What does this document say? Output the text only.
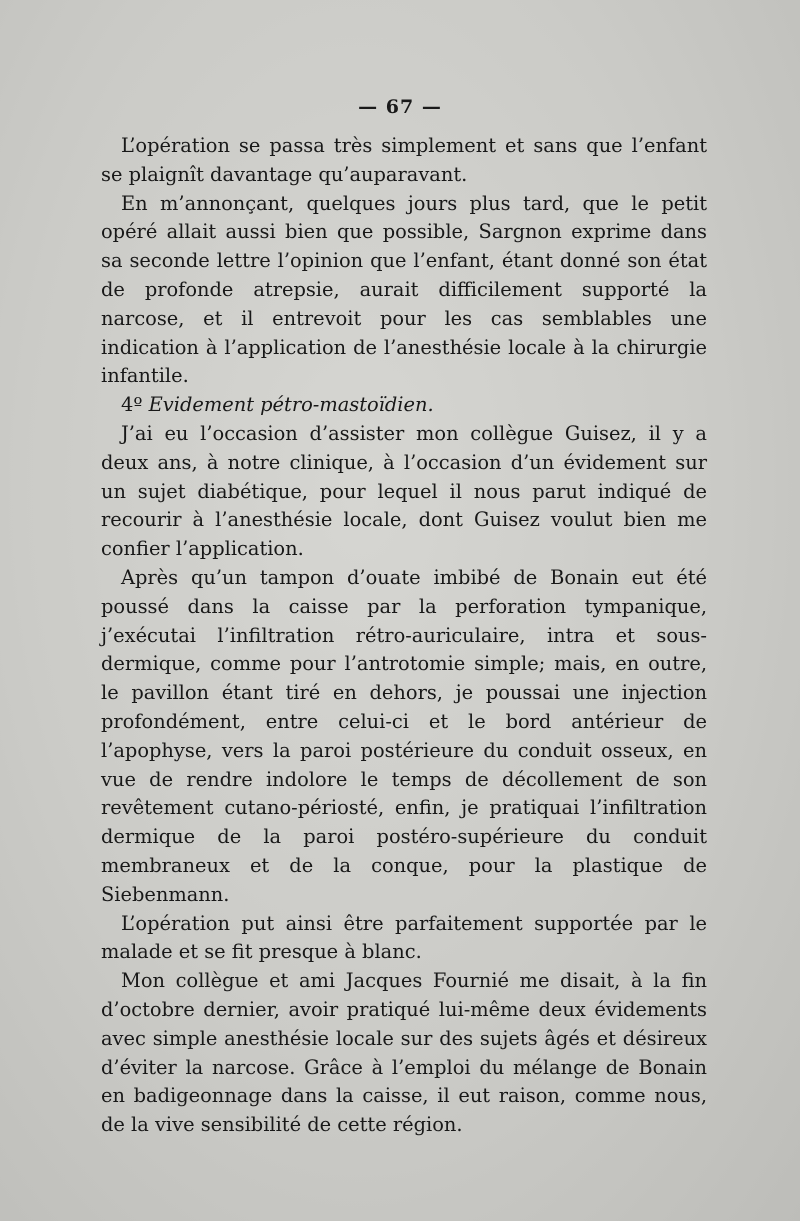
— 67 —

L’opération se passa très simplement et sans que l’enfant se plaignît davantage qu’auparavant.

En m’annonçant, quelques jours plus tard, que le petit opéré allait aussi bien que possible, Sargnon exprime dans sa seconde lettre l’opinion que l’enfant, étant donné son état de profonde atrepsie, aurait difficilement supporté la narcose, et il entrevoit pour les cas semblables une indication à l’application de l’anesthésie locale à la chirurgie infantile.

4º Evidement pétro-mastoïdien.

J’ai eu l’occasion d’assister mon collègue Guisez, il y a deux ans, à notre clinique, à l’occasion d’un évidement sur un sujet diabétique, pour lequel il nous parut indiqué de recourir à l’anesthésie locale, dont Guisez voulut bien me confier l’application.

Après qu’un tampon d’ouate imbibé de Bonain eut été poussé dans la caisse par la perforation tympanique, j’exécutai l’infiltration rétro-auriculaire, intra et sous-dermique, comme pour l’antrotomie simple; mais, en outre, le pavillon étant tiré en dehors, je poussai une injection profondément, entre celui-ci et le bord antérieur de l’apophyse, vers la paroi postérieure du conduit osseux, en vue de rendre indolore le temps de décollement de son revêtement cutano-périosté, enfin, je pratiquai l’infiltration dermique de la paroi postéro-supérieure du conduit membraneux et de la conque, pour la plastique de Siebenmann.

L’opération put ainsi être parfaitement supportée par le malade et se fit presque à blanc.

Mon collègue et ami Jacques Fournié me disait, à la fin d’octobre dernier, avoir pratiqué lui-même deux évidements avec simple anesthésie locale sur des sujets âgés et désireux d’éviter la narcose. Grâce à l’emploi du mélange de Bonain en badigeonnage dans la caisse, il eut raison, comme nous, de la vive sensibilité de cette région.
